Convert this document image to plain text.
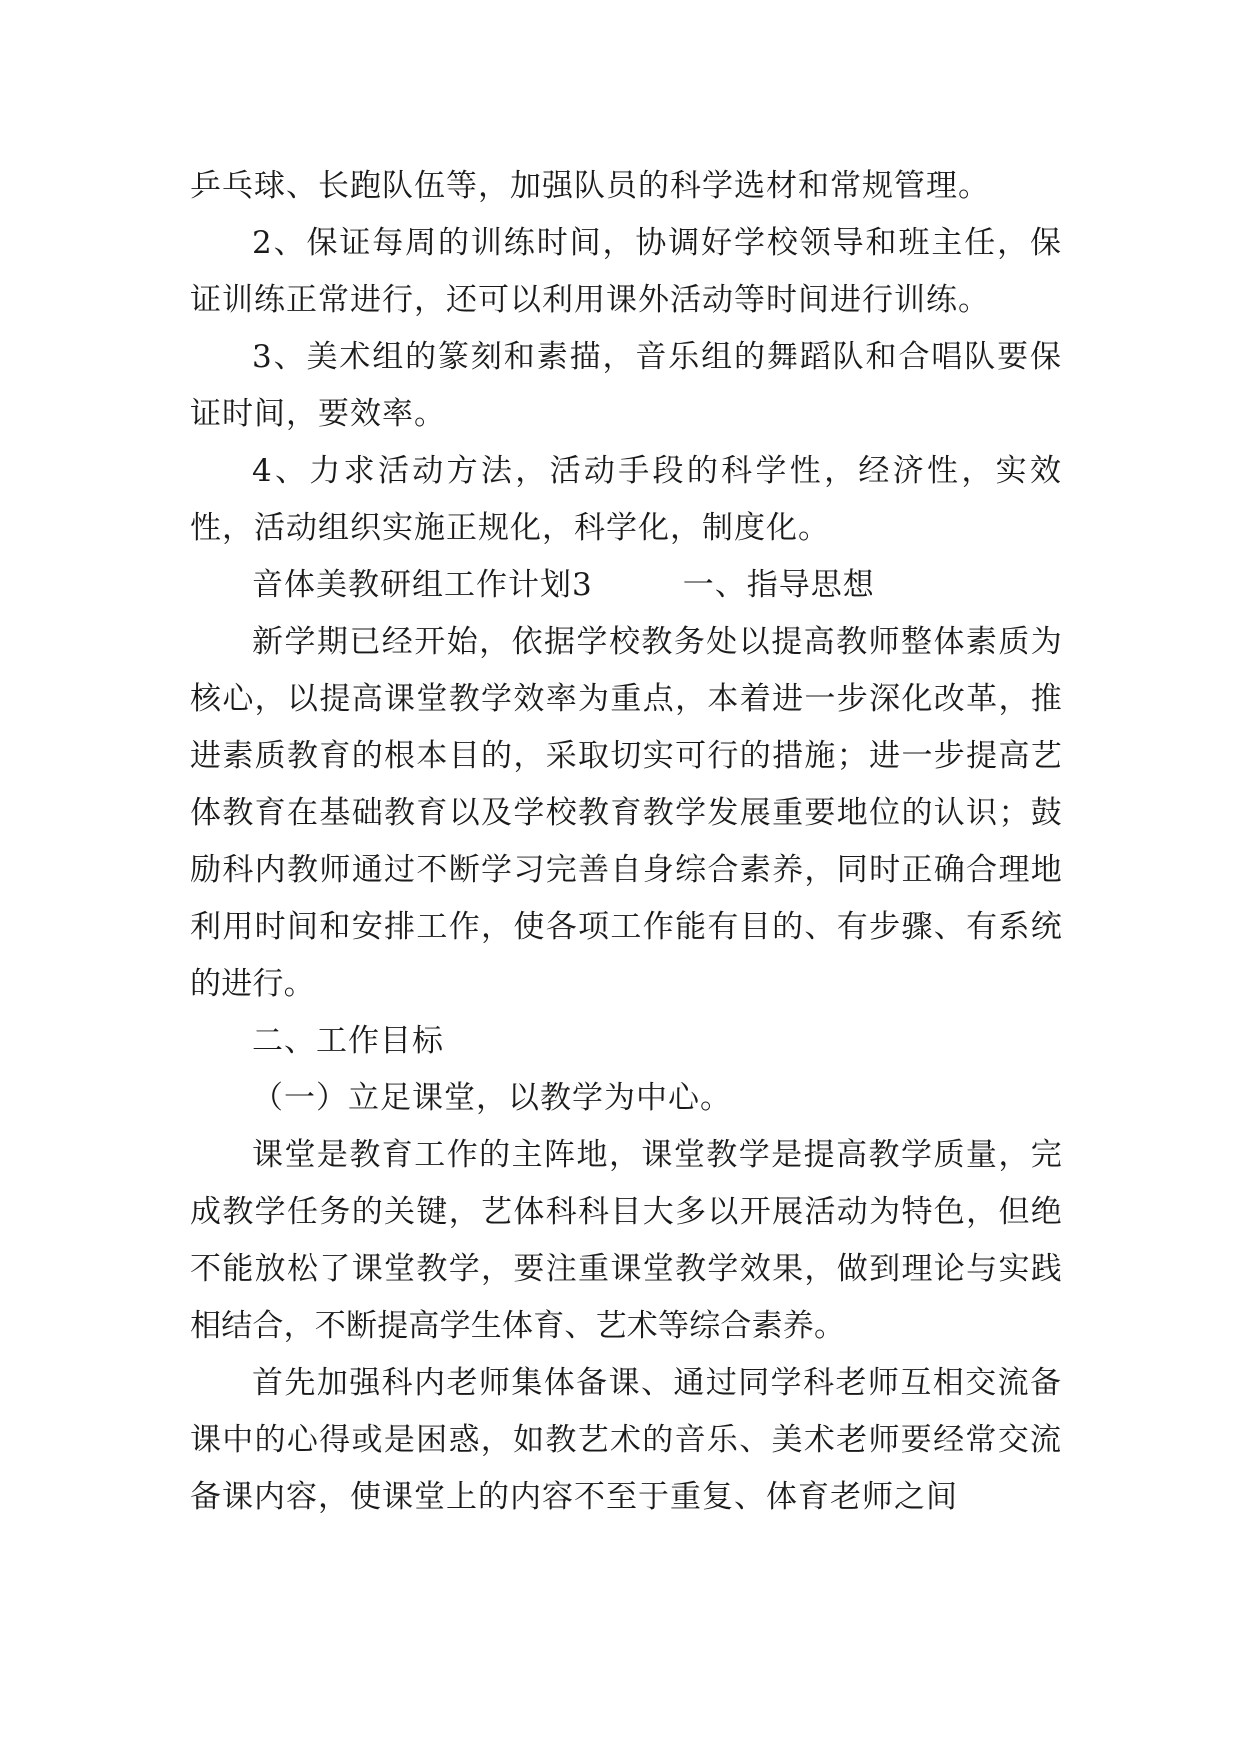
乒乓球、长跑队伍等，加强队员的科学选材和常规管理。

2、保证每周的训练时间，协调好学校领导和班主任，保证训练正常进行，还可以利用课外活动等时间进行训练。

3、美术组的篆刻和素描，音乐组的舞蹈队和合唱队要保证时间，要效率。

4、力求活动方法，活动手段的科学性，经济性，实效性，活动组织实施正规化，科学化，制度化。

音体美教研组工作计划3	一、指导思想

新学期已经开始，依据学校教务处以提高教师整体素质为核心，以提高课堂教学效率为重点，本着进一步深化改革，推进素质教育的根本目的，采取切实可行的措施；进一步提高艺体教育在基础教育以及学校教育教学发展重要地位的认识；鼓励科内教师通过不断学习完善自身综合素养，同时正确合理地利用时间和安排工作，使各项工作能有目的、有步骤、有系统的进行。

二、工作目标

（一）立足课堂，以教学为中心。

课堂是教育工作的主阵地，课堂教学是提高教学质量，完成教学任务的关键，艺体科科目大多以开展活动为特色，但绝不能放松了课堂教学，要注重课堂教学效果，做到理论与实践相结合，不断提高学生体育、艺术等综合素养。

首先加强科内老师集体备课、通过同学科老师互相交流备课中的心得或是困惑，如教艺术的音乐、美术老师要经常交流备课内容，使课堂上的内容不至于重复、体育老师之间
